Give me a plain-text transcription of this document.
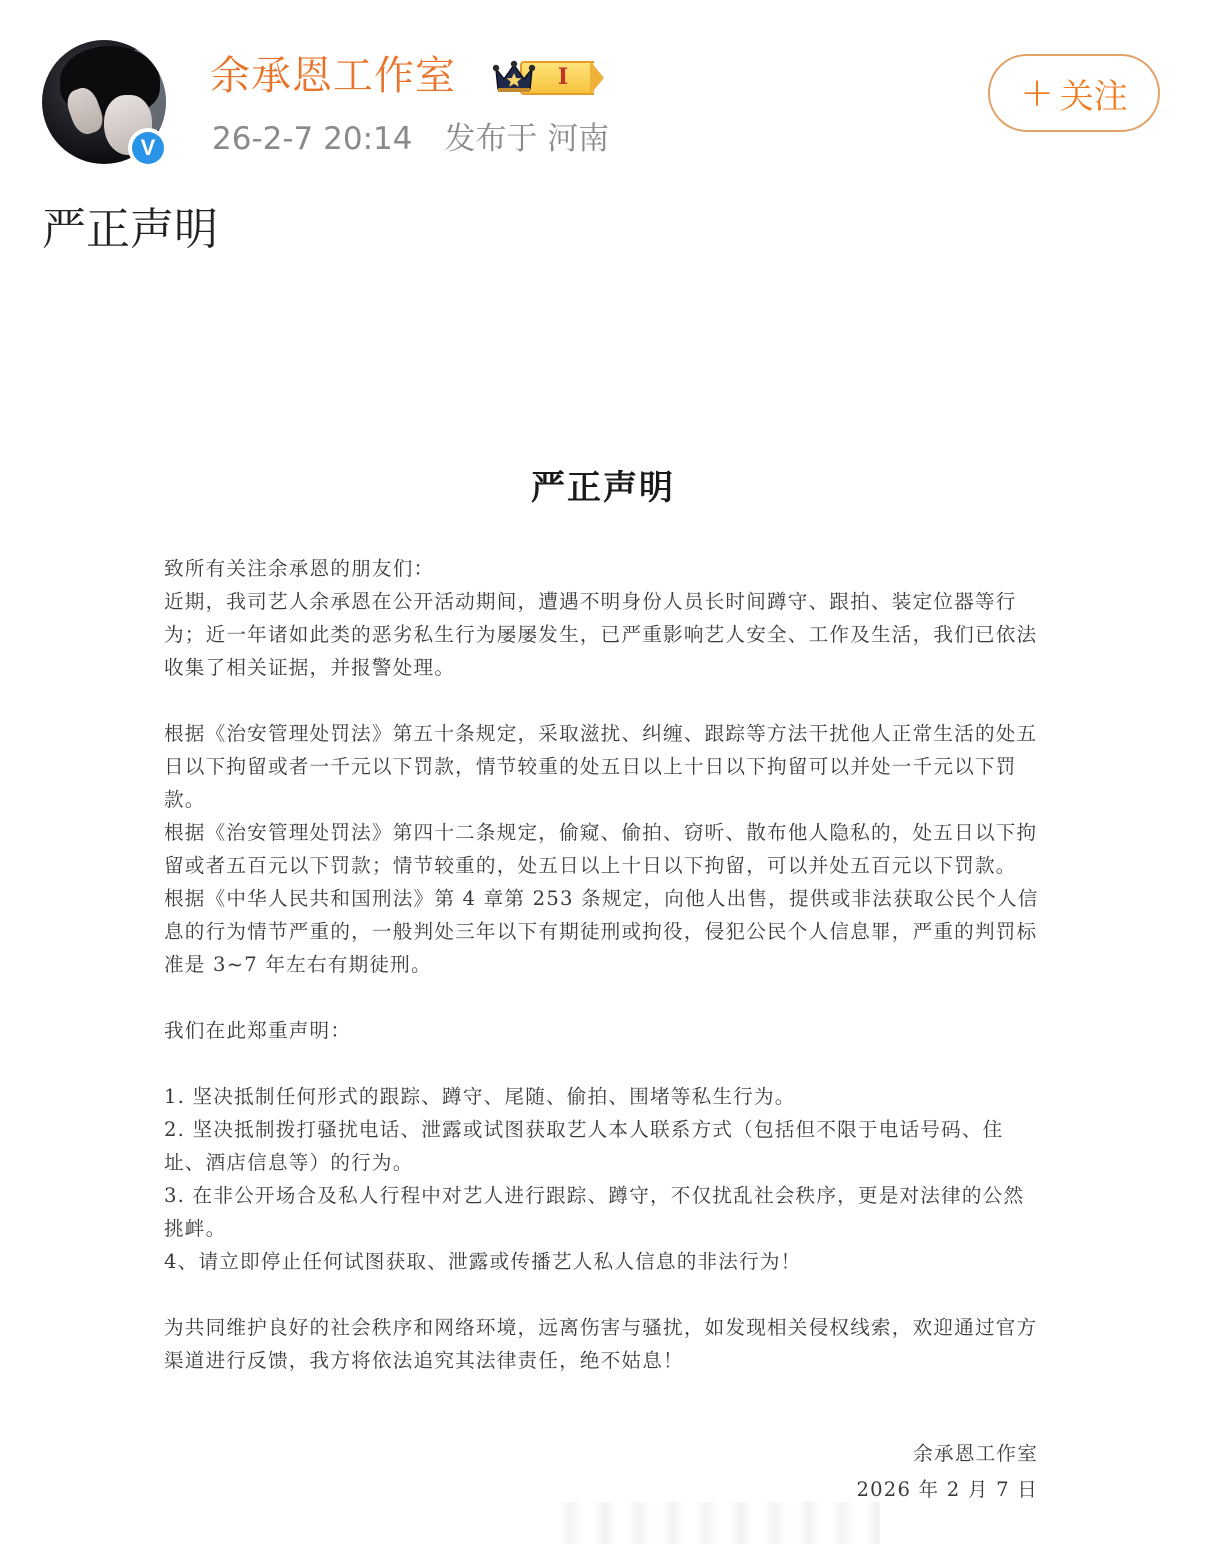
V
余承恩工作室	I
26-2-7 20:14 发布于 河南
+ 关注
严正声明
严正声明

致所有关注余承恩的朋友们：

近期，我司艺人余承恩在公开活动期间，遭遇不明身份人员长时间蹲守、跟拍、装定位器等行为；近一年诸如此类的恶劣私生行为屡屡发生，已严重影响艺人安全、工作及生活，我们已依法收集了相关证据，并报警处理。

根据《治安管理处罚法》第五十条规定，采取滋扰、纠缠、跟踪等方法干扰他人正常生活的处五日以下拘留或者一千元以下罚款，情节较重的处五日以上十日以下拘留可以并处一千元以下罚款。

根据《治安管理处罚法》第四十二条规定，偷窥、偷拍、窃听、散布他人隐私的，处五日以下拘留或者五百元以下罚款；情节较重的，处五日以上十日以下拘留，可以并处五百元以下罚款。

根据《中华人民共和国刑法》第 4 章第 253 条规定，向他人出售，提供或非法获取公民个人信息的行为情节严重的，一般判处三年以下有期徒刑或拘役，侵犯公民个人信息罪，严重的判罚标准是 3~7 年左右有期徒刑。

我们在此郑重声明：

1. 坚决抵制任何形式的跟踪、蹲守、尾随、偷拍、围堵等私生行为。

2. 坚决抵制拨打骚扰电话、泄露或试图获取艺人本人联系方式（包括但不限于电话号码、住址、酒店信息等）的行为。

3. 在非公开场合及私人行程中对艺人进行跟踪、蹲守，不仅扰乱社会秩序，更是对法律的公然挑衅。

4、请立即停止任何试图获取、泄露或传播艺人私人信息的非法行为！

为共同维护良好的社会秩序和网络环境，远离伤害与骚扰，如发现相关侵权线索，欢迎通过官方渠道进行反馈，我方将依法追究其法律责任，绝不姑息！

余承恩工作室
2026 年 2 月 7 日
